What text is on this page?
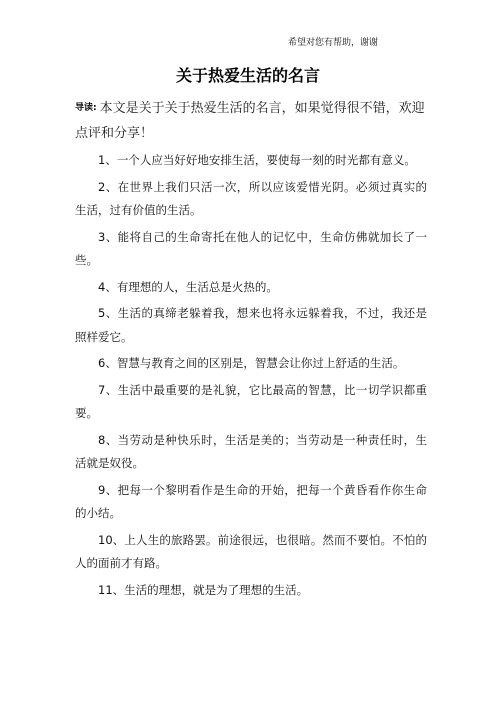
希望对您有帮助，谢谢
关于热爱生活的名言

导读: 本文是关于关于热爱生活的名言，如果觉得很不错，欢迎点评和分享！

1、一个人应当好好地安排生活，要使每一刻的时光都有意义。
2、在世界上我们只活一次，所以应该爱惜光阴。必须过真实的生活，过有价值的生活。
3、能将自己的生命寄托在他人的记忆中，生命仿佛就加长了一些。
4、有理想的人，生活总是火热的。
5、生活的真缔老躲着我，想来也将永远躲着我，不过，我还是照样爱它。
6、智慧与教育之间的区别是，智慧会让你过上舒适的生活。
7、生活中最重要的是礼貌，它比最高的智慧，比一切学识都重要。
8、当劳动是种快乐时，生活是美的；当劳动是一种责任时，生活就是奴役。
9、把每一个黎明看作是生命的开始，把每一个黄昏看作你生命的小结。
10、上人生的旅路罢。前途很远，也很暗。然而不要怕。不怕的人的面前才有路。
11、生活的理想，就是为了理想的生活。
